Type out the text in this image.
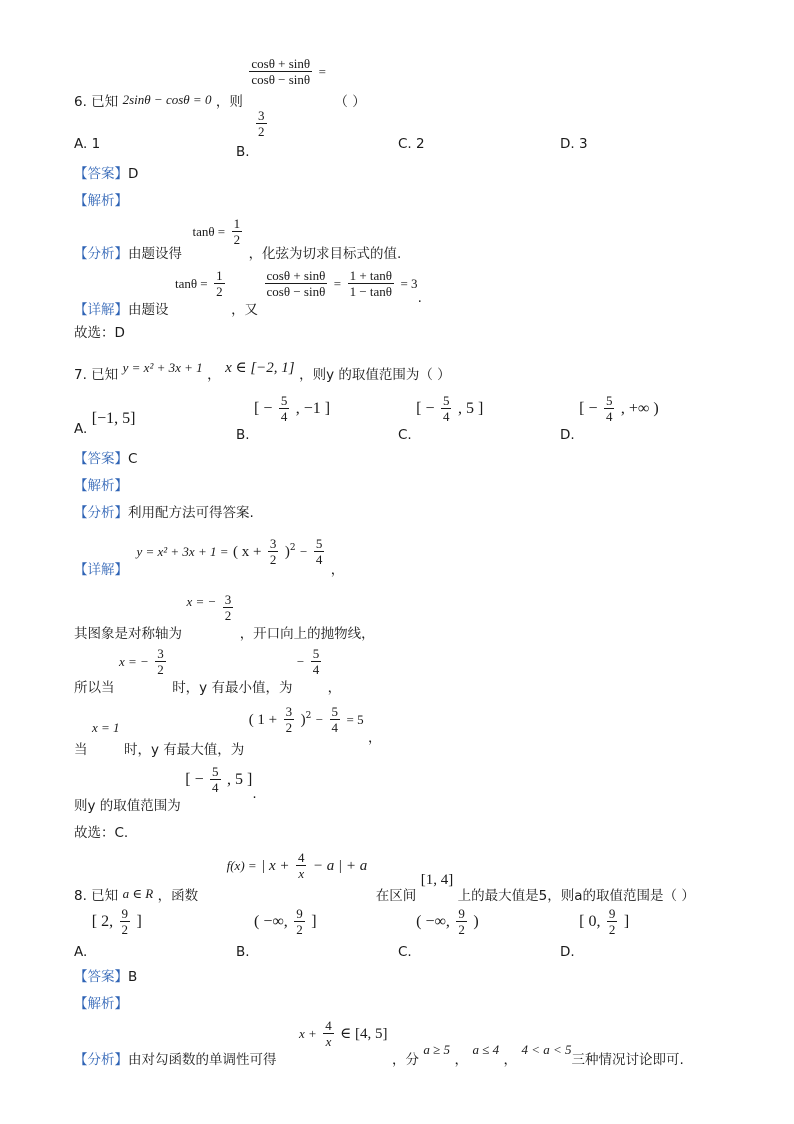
6. 已知 2sinθ − cosθ = 0 ，则
$\frac{\cos\theta + \sin\theta}{\cos\theta - \sin\theta}$ = （ ）
A. 1	B.
$\frac{3}{2}$
C. 2	D. 3
【答案】D
【解析】
【分析】由题设得 $\tan\theta = \frac{1}{2}$
，化弦为切求目标式的值.
【详解】由题设 $\tan\theta = \frac{1}{2}$
，又
$\frac{\cos\theta + \sin\theta}{\cos\theta - \sin\theta} = \frac{1 + \tan\theta}{1 - \tan\theta} = 3$.
故选：D
7. 已知 y = x² + 3x + 1 ， x ∈ [−2, 1] ，则y 的取值范围为（ ）
A. [−1, 5]
B. [ − $\frac{5}{4}$ , −1 ]
C. [ − $\frac{5}{4}$ , 5 ]
D. [ − $\frac{5}{4}$ , +∞ )
【答案】C
【解析】
【分析】利用配方法可得答案.
【详解】 y = x² + 3x + 1 = ( $x + \frac{3}{2} )^2 - \frac{5}{4}$
，
其图象是对称轴为 x = − $\frac{3}{2}$
，开口向上的抛物线，
所以当 x = − $\frac{3}{2}$
时，y 有最小值，为 − $\frac{5}{4}$
，
当 x = 1 时，y 有最大值，为 ( $1 + \frac{3}{2} )^2 - \frac{5}{4} = 5$ ，
则y 的取值范围为 [ − $\frac{5}{4}$ , 5 ].
故选：C.
8. 已知 a ∈ R ，函数 f(x) = | $x + \frac{4}{x} - a$ | + a 在区间 [1, 4] 上的最大值是5，则a的取值范围是（ ）
A. [ 2, $\frac{9}{2}$ ]
B. ( −∞, $\frac{9}{2}$ ]
C. ( −∞, $\frac{9}{2}$ )
D. [ 0, $\frac{9}{2}$ ]
【答案】B
【解析】
【分析】由对勾函数的单调性可得 $x + \frac{4}{x}$ ∈ [4, 5] ，分 a ≥ 5 ， a ≤ 4 ， 4 < a < 5三种情况讨论即可.
